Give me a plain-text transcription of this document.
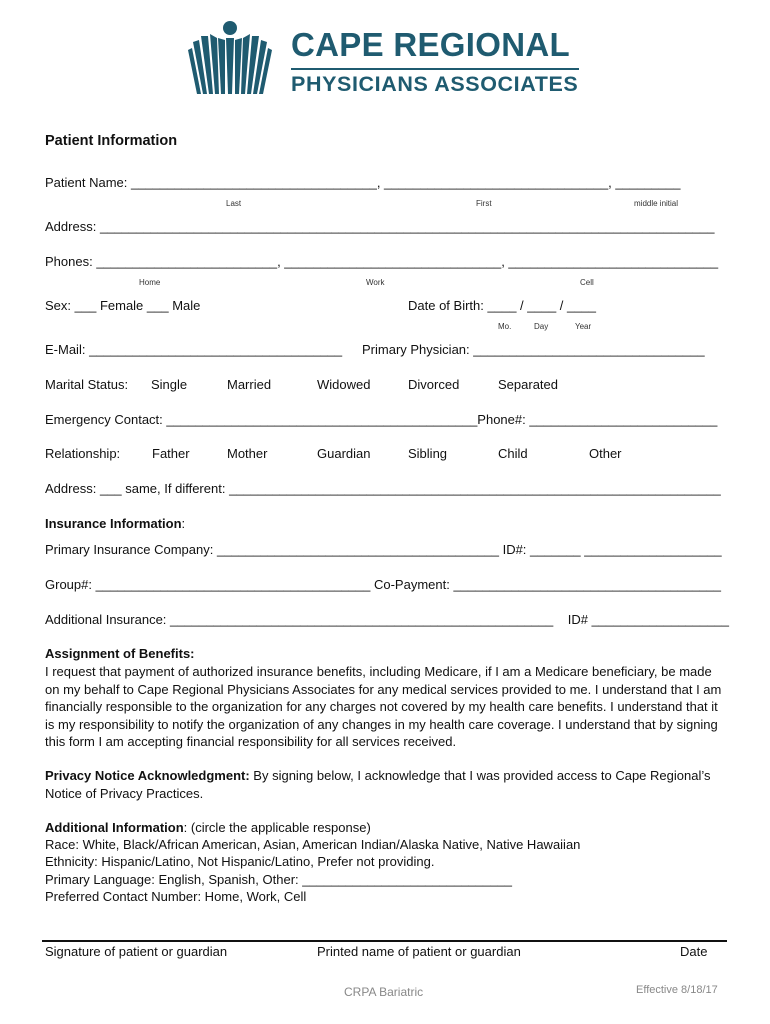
CAPE REGIONAL
PHYSICIANS ASSOCIATES
Patient Information
Patient Name: __________________________________, _______________________________, _________
Last	First	middle initial
Address: _____________________________________________________________________________________
Phones: _________________________, ______________________________, _____________________________
Home	Work	Cell
Sex: ___ Female ___ Male	Date of Birth: ____ / ____ / ____
Mo.	Day	Year
E-Mail: ___________________________________ Primary Physician: ________________________________
Marital Status: Single	Married	Widowed	Divorced	Separated
Emergency Contact: ___________________________________________Phone#: __________________________
Relationship: Father	Mother	Guardian	Sibling	Child	Other
Address: ___ same, If different: ____________________________________________________________________
Insurance Information:
Primary Insurance Company: _______________________________________ ID#: _______ ___________________
Group#: ______________________________________ Co-Payment: _____________________________________
Additional Insurance: _____________________________________________________ ID# ___________________
Assignment of Benefits:
I request that payment of authorized insurance benefits, including Medicare, if I am a Medicare beneficiary, be made on my behalf to Cape Regional Physicians Associates for any medical services provided to me. I understand that I am financially responsible to the organization for any charges not covered by my health care benefits. I understand that it is my responsibility to notify the organization of any changes in my health care coverage. I understand that by signing this form I am accepting financial responsibility for all services received.
Privacy Notice Acknowledgment: By signing below, I acknowledge that I was provided access to Cape Regional’s Notice of Privacy Practices.
Additional Information: (circle the applicable response)
Race: White, Black/African American, Asian, American Indian/Alaska Native, Native Hawaiian
Ethnicity: Hispanic/Latino, Not Hispanic/Latino, Prefer not providing.
Primary Language: English, Spanish, Other: _____________________________
Preferred Contact Number: Home, Work, Cell
Signature of patient or guardian	Printed name of patient or guardian	Date
CRPA Bariatric	Effective 8/18/17
